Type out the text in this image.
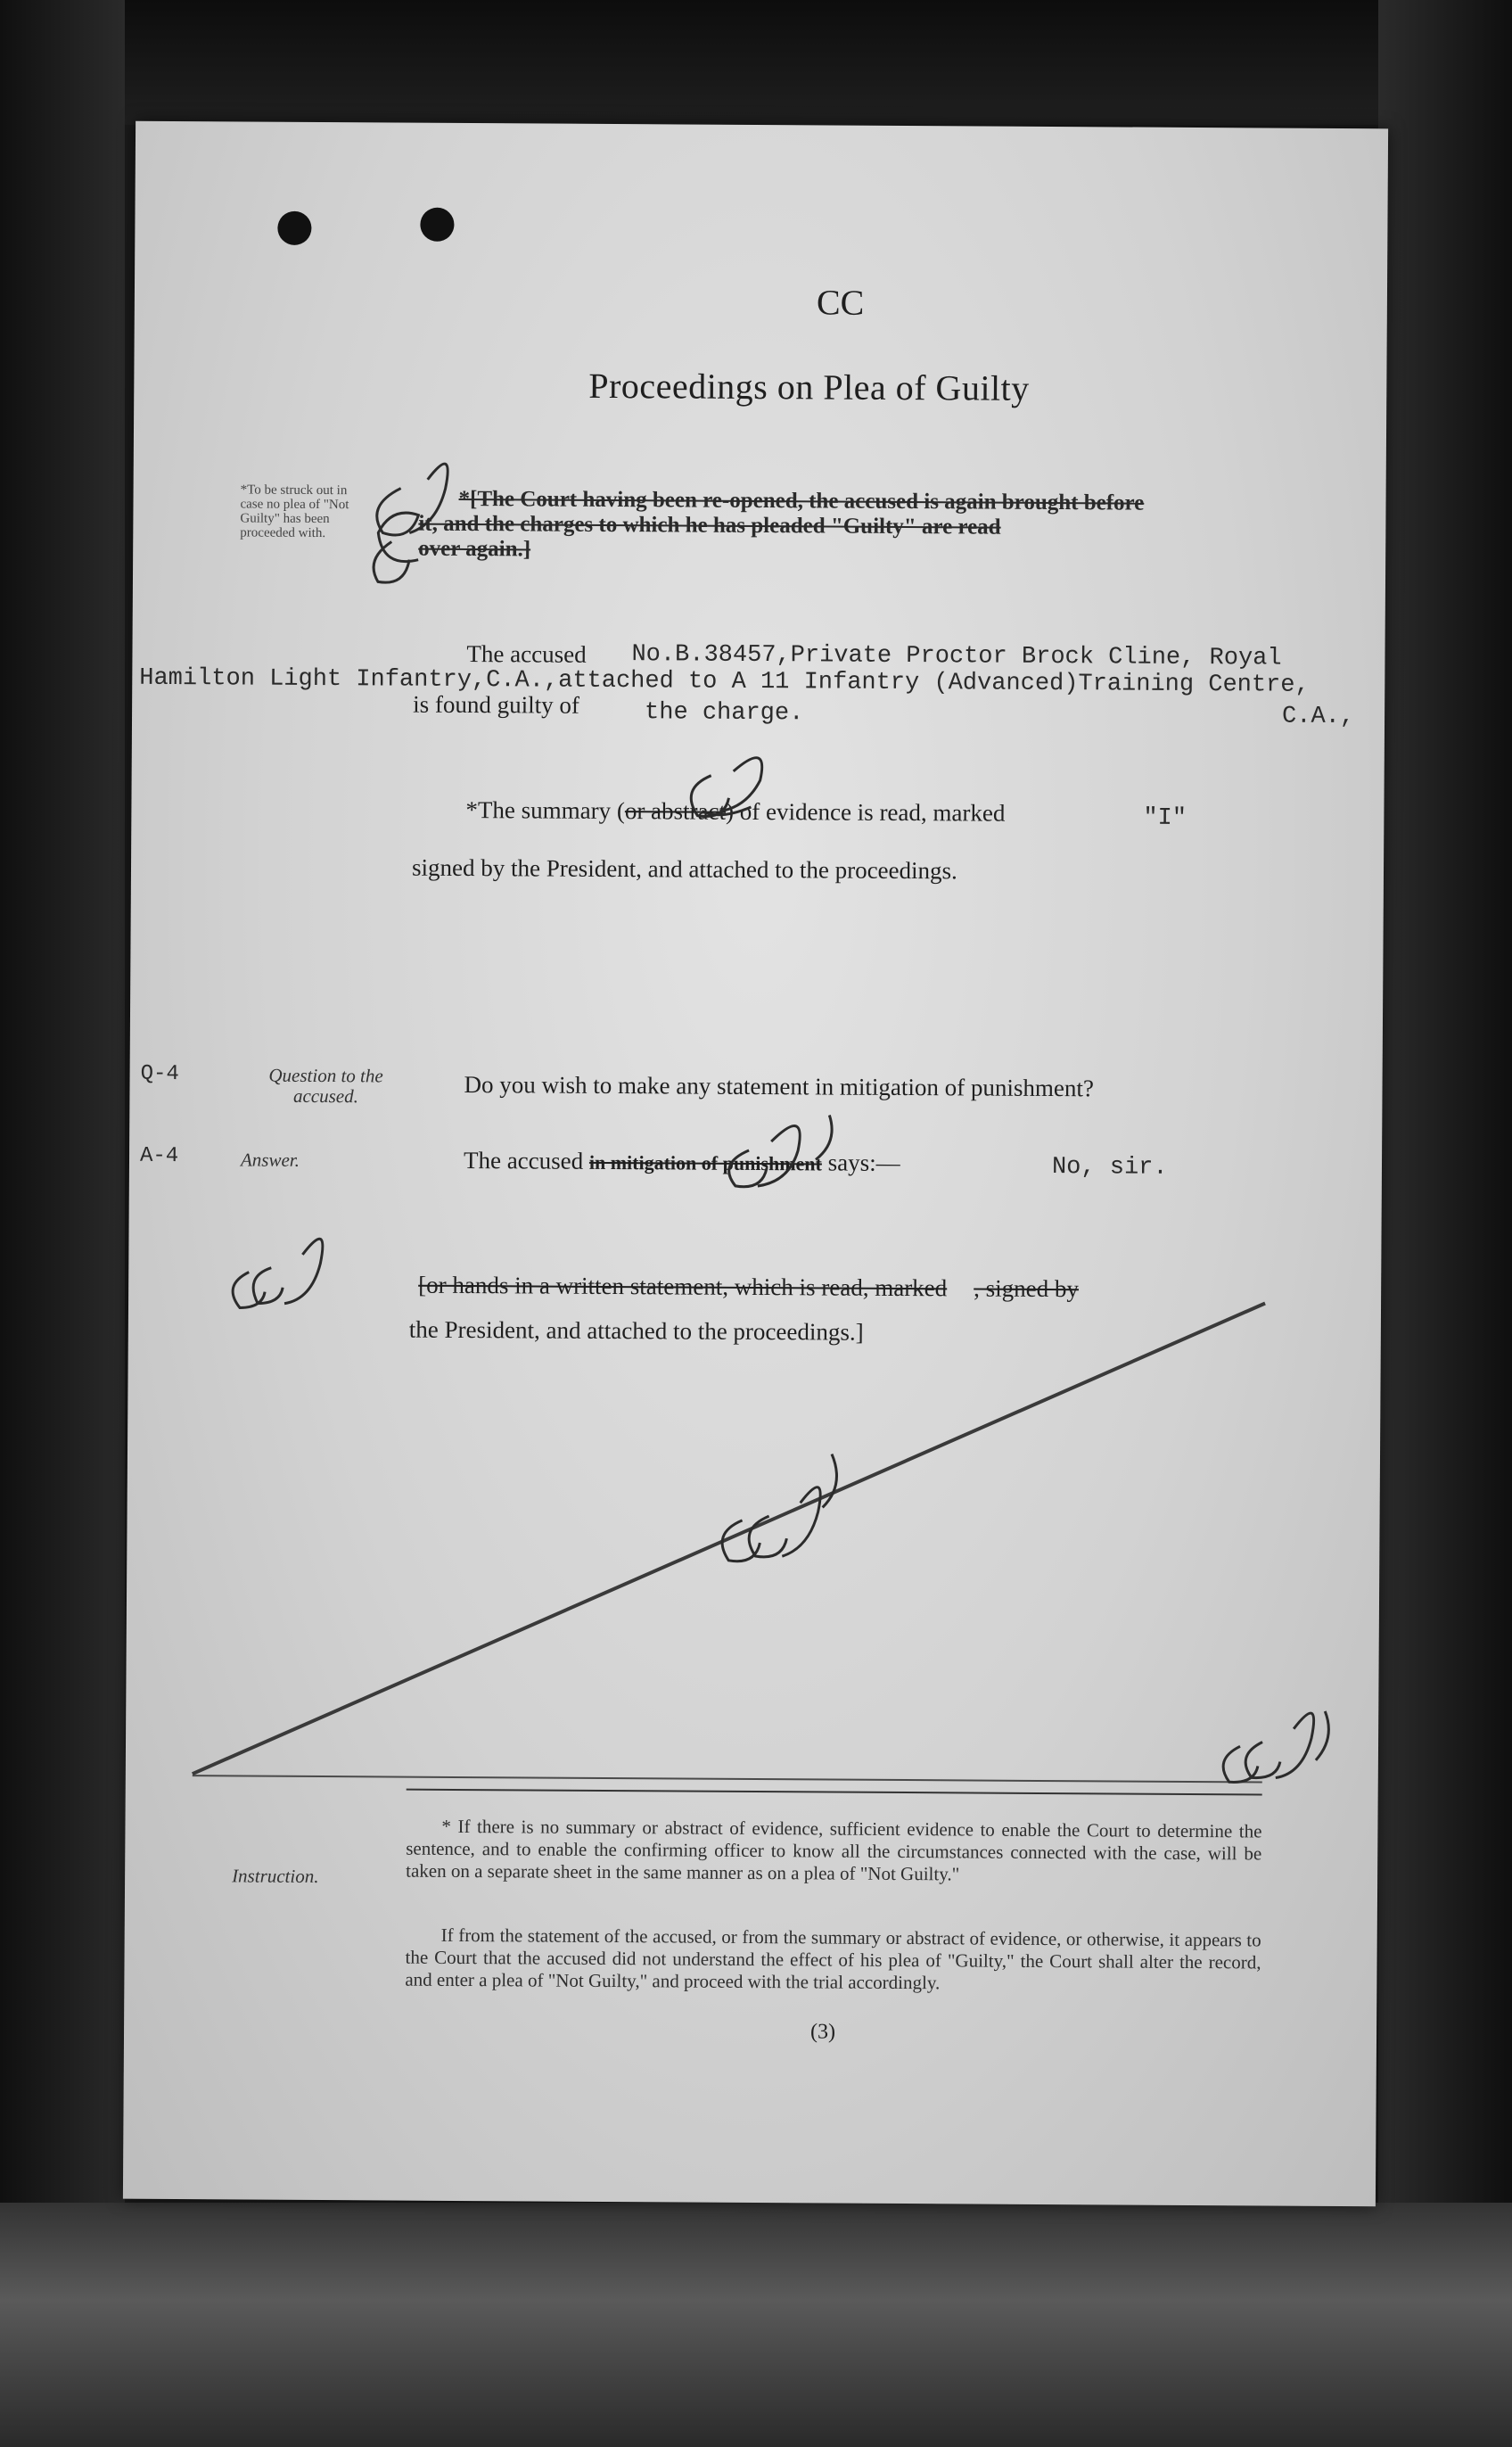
CC
Proceedings on Plea of Guilty
*To be struck out in case no plea of "Not Guilty" has been proceeded with.
*[The Court having been re-opened, the accused is again brought before
it, and the charges to which he has pleaded "Guilty" are read
over again.]
The accused No.B.38457,Private Proctor Brock Cline, Royal
Hamilton Light Infantry,C.A.,attached to A 11 Infantry (Advanced)Training Centre,
is found guilty of	the charge.	C.A.,
*The summary (or abstract) of evidence is read, marked	"I"
signed by the President, and attached to the proceedings.
Q-4	Question to the accused.	Do you wish to make any statement in mitigation of punishment?
A-4	Answer.	The accused in mitigation of punishment says:—	No, sir.
[or hands in a written statement, which is read, marked , signed by
the President, and attached to the proceedings.]
Instruction.
* If there is no summary or abstract of evidence, sufficient evidence to enable the Court to determine the sentence, and to enable the confirming officer to know all the circumstances connected with the case, will be taken on a separate sheet in the same manner as on a plea of "Not Guilty."
If from the statement of the accused, or from the summary or abstract of evidence, or otherwise, it appears to the Court that the accused did not understand the effect of his plea of "Guilty," the Court shall alter the record, and enter a plea of "Not Guilty," and proceed with the trial accordingly.
(3)
